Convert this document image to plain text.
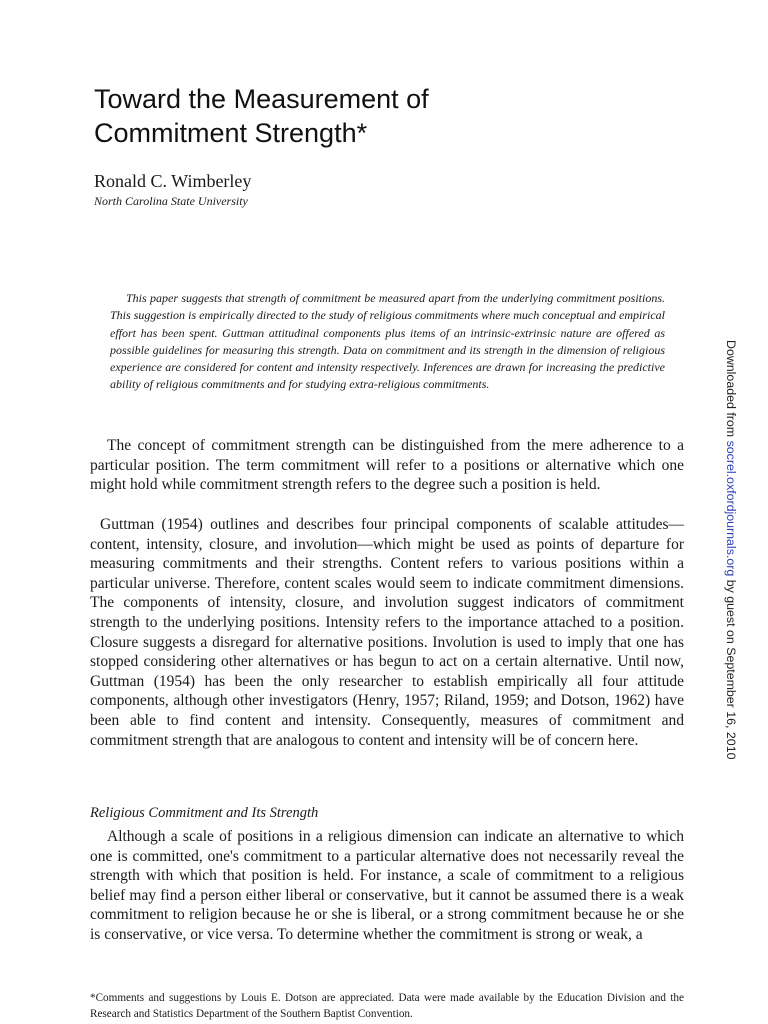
Toward the Measurement of
Commitment Strength*

Ronald C. Wimberley

North Carolina State University

This paper suggests that strength of commitment be measured apart from the underlying commitment positions. This suggestion is empirically directed to the study of religious commitments where much conceptual and empirical effort has been spent. Guttman attitudinal components plus items of an intrinsic-extrinsic nature are offered as possible guidelines for measuring this strength. Data on commitment and its strength in the dimension of religious experience are considered for content and intensity respectively. Inferences are drawn for increasing the predictive ability of religious commitments and for studying extra-religious commitments.

The concept of commitment strength can be distinguished from the mere adherence to a particular position. The term commitment will refer to a positions or alternative which one might hold while commitment strength refers to the degree such a position is held.

Guttman (1954) outlines and describes four principal components of scalable attitudes—content, intensity, closure, and involution—which might be used as points of departure for measuring commitments and their strengths. Content refers to various positions within a particular universe. Therefore, content scales would seem to indicate commitment dimensions. The components of intensity, closure, and involution suggest indicators of commitment strength to the underlying positions. Intensity refers to the importance attached to a position. Closure suggests a disregard for alternative positions. Involution is used to imply that one has stopped considering other alternatives or has begun to act on a certain alternative. Until now, Guttman (1954) has been the only researcher to establish empirically all four attitude components, although other investigators (Henry, 1957; Riland, 1959; and Dotson, 1962) have been able to find content and intensity. Consequently, measures of commitment and commitment strength that are analogous to content and intensity will be of concern here.

Religious Commitment and Its Strength

Although a scale of positions in a religious dimension can indicate an alternative to which one is committed, one's commitment to a particular alternative does not necessarily reveal the strength with which that position is held. For instance, a scale of commitment to a religious belief may find a person either liberal or conservative, but it cannot be assumed there is a weak commitment to religion because he or she is liberal, or a strong commitment because he or she is conservative, or vice versa. To determine whether the commitment is strong or weak, a

*Comments and suggestions by Louis E. Dotson are appreciated. Data were made available by the Education Division and the Research and Statistics Department of the Southern Baptist Convention.

Downloaded from socrel.oxfordjournals.org by guest on September 16, 2010
